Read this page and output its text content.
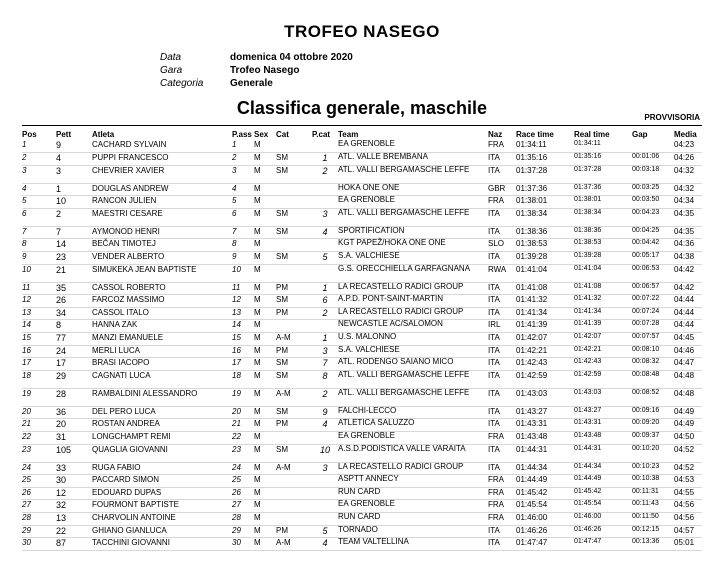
TROFEO NASEGO
Data	domenica 04 ottobre 2020
Gara	Trofeo Nasego
Categoria	Generale
Classifica generale, maschile	PROVVISORIA
Pos	Pett	Atleta	P.ass	Sex	Cat	P.cat	Team	Naz	Race time	Real time	Gap	Media
1	9	CACHARD SYLVAIN	1	M			EA GRENOBLE	FRA	01:34:11	01:34:11		04:23
2	4	PUPPI FRANCESCO	2	M	SM	1	ATL. VALLE BREMBANA	ITA	01:35:16	01:35:16	00:01:06	04:26
3	3	CHEVRIER XAVIER	3	M	SM	2	ATL. VALLI BERGAMASCHE LEFFE	ITA	01:37:28	01:37:28	00:03:18	04:32
4	1	DOUGLAS ANDREW	4	M			HOKA ONE ONE	GBR	01:37:36	01:37:36	00:03:25	04:32
5	10	RANCON JULIEN	5	M			EA GRENOBLE	FRA	01:38:01	01:38:01	00:03:50	04:34
6	2	MAESTRI CESARE	6	M	SM	3	ATL. VALLI BERGAMASCHE LEFFE	ITA	01:38:34	01:38:34	00:04:23	04:35
7	7	AYMONOD HENRI	7	M	SM	4	SPORTIFICATION	ITA	01:38:36	01:38:36	00:04:25	04:35
8	14	BEČAN TIMOTEJ	8	M			KGT PAPEŽ/HOKA ONE ONE	SLO	01:38:53	01:38:53	00:04:42	04:36
9	23	VENDER ALBERTO	9	M	SM	5	S.A. VALCHIESE	ITA	01:39:28	01:39:28	00:05:17	04:38
10	21	SIMUKEKA JEAN BAPTISTE	10	M			G.S. ORECCHIELLA GARFAGNANA	RWA	01:41:04	01:41:04	00:06:53	04:42
11	35	CASSOL ROBERTO	11	M	PM	1	LA RECASTELLO RADICI GROUP	ITA	01:41:08	01:41:08	00:06:57	04:42
12	26	FARCOZ MASSIMO	12	M	SM	6	A.P.D. PONT-SAINT-MARTIN	ITA	01:41:32	01:41:32	00:07:22	04:44
13	34	CASSOL ITALO	13	M	PM	2	LA RECASTELLO RADICI GROUP	ITA	01:41:34	01:41:34	00:07:24	04:44
14	8	HANNA ZAK	14	M			NEWCASTLE AC/SALOMON	IRL	01:41:39	01:41:39	00:07:28	04:44
15	77	MANZI EMANUELE	15	M	A-M	1	U.S. MALONNO	ITA	01:42:07	01:42:07	00:07:57	04:45
16	24	MERLI LUCA	16	M	PM	3	S.A. VALCHIESE	ITA	01:42:21	01:42:21	00:08:10	04:46
17	17	BRASI IACOPO	17	M	SM	7	ATL. RODENGO SAIANO MICO	ITA	01:42:43	01:42:43	00:08:32	04:47
18	29	CAGNATI LUCA	18	M	SM	8	ATL. VALLI BERGAMASCHE LEFFE	ITA	01:42:59	01:42:59	00:08:48	04:48
19	28	RAMBALDINI ALESSANDRO	19	M	A-M	2	ATL. VALLI BERGAMASCHE LEFFE	ITA	01:43:03	01:43:03	00:08:52	04:48
20	36	DEL PERO LUCA	20	M	SM	9	FALCHI-LECCO	ITA	01:43:27	01:43:27	00:09:16	04:49
21	20	ROSTAN ANDREA	21	M	PM	4	ATLETICA SALUZZO	ITA	01:43:31	01:43:31	00:09:20	04:49
22	31	LONGCHAMPT REMI	22	M			EA GRENOBLE	FRA	01:43:48	01:43:48	00:09:37	04:50
23	105	QUAGLIA GIOVANNI	23	M	SM	10	A.S.D.PODISTICA VALLE VARAITA	ITA	01:44:31	01:44:31	00:10:20	04:52
24	33	RUGA FABIO	24	M	A-M	3	LA RECASTELLO RADICI GROUP	ITA	01:44:34	01:44:34	00:10:23	04:52
25	30	PACCARD SIMON	25	M			ASPTT ANNECY	FRA	01:44:49	01:44:49	00:10:38	04:53
26	12	EDOUARD DUPAS	26	M			RUN CARD	FRA	01:45:42	01:45:42	00:11:31	04:55
27	32	FOURMONT BAPTISTE	27	M			EA GRENOBLE	FRA	01:45:54	01:45:54	00:11:43	04:56
28	13	CHARVOLIN ANTOINE	28	M			RUN CARD	FRA	01:46:00	01:46:00	00:11:50	04:56
29	22	GHIANO GIANLUCA	29	M	PM	5	TORNADO	ITA	01:46:26	01:46:26	00:12:15	04:57
30	87	TACCHINI GIOVANNI	30	M	A-M	4	TEAM VALTELLINA	ITA	01:47:47	01:47:47	00:13:36	05:01
